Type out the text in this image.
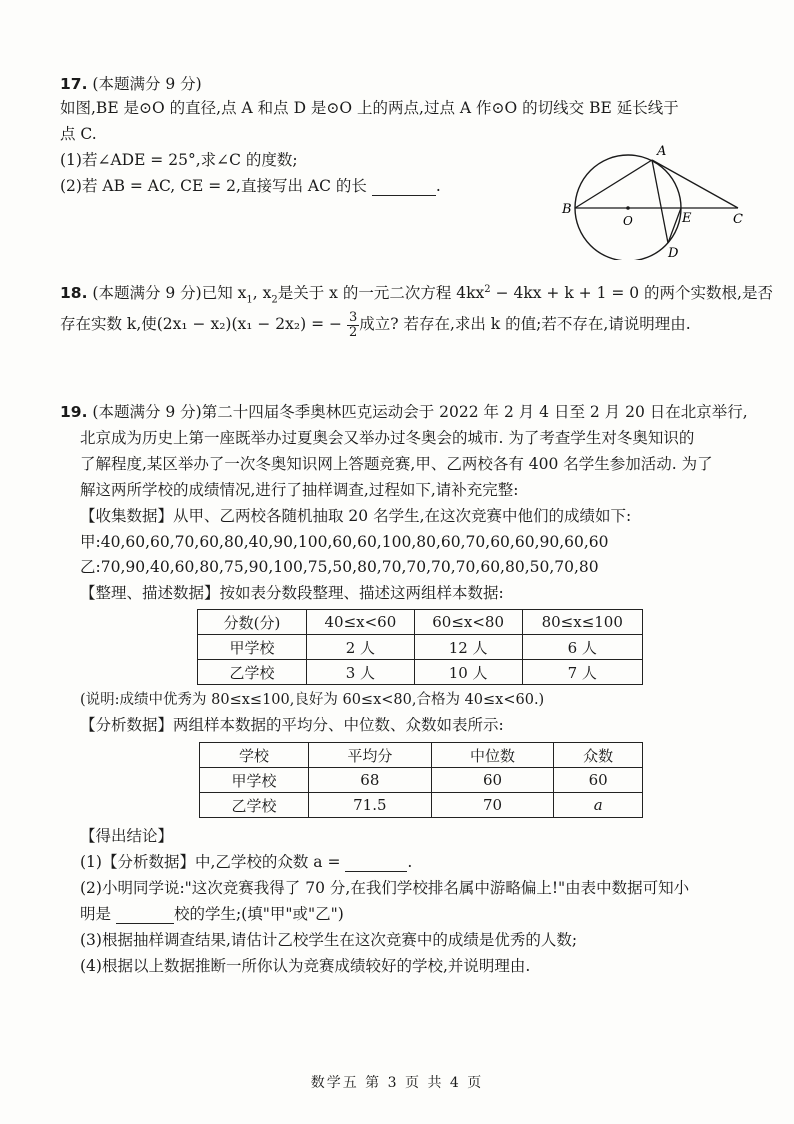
17. (本题满分 9 分)
如图,BE 是⊙O 的直径,点 A 和点 D 是⊙O 上的两点,过点 A 作⊙O 的切线交 BE 延长线于
点 C.
(1)若∠ADE = 25°,求∠C 的度数;
(2)若 AB = AC, CE = 2,直接写出 AC 的长	.
A
B
O	E	C
D
18. (本题满分 9 分)已知 $x_1$, $x_2$是关于 x 的一元二次方程 $4kx^2 - 4kx + k + 1 = 0$ 的两个实数根,是否
存在实数 k,使(2x₁ − x₂)(x₁ − 2x₂) = − $\frac{3}{2}$ 成立? 若存在,求出 k 的值;若不存在,请说明理由.
19. (本题满分 9 分)第二十四届冬季奥林匹克运动会于 2022 年 2 月 4 日至 2 月 20 日在北京举行,
北京成为历史上第一座既举办过夏奥会又举办过冬奥会的城市. 为了考查学生对冬奥知识的
了解程度,某区举办了一次冬奥知识网上答题竞赛,甲、乙两校各有 400 名学生参加活动. 为了
解这两所学校的成绩情况,进行了抽样调查,过程如下,请补充完整:
【收集数据】从甲、乙两校各随机抽取 20 名学生,在这次竞赛中他们的成绩如下:
甲:40,60,60,70,60,80,40,90,100,60,60,100,80,60,70,60,60,90,60,60
乙:70,90,40,60,80,75,90,100,75,50,80,70,70,70,70,60,80,50,70,80
【整理、描述数据】按如表分数段整理、描述这两组样本数据:
分数(分)	40≤x<60	60≤x<80	80≤x≤100
甲学校	2 人	12 人	6 人
乙学校	3 人	10 人	7 人
(说明:成绩中优秀为 80≤x≤100,良好为 60≤x<80,合格为 40≤x<60.)
【分析数据】两组样本数据的平均分、中位数、众数如表所示:
学校	平均分	中位数	众数
甲学校	68	60	60
乙学校	71.5	70	a
【得出结论】
(1)【分析数据】中,乙学校的众数 a =	.
(2)小明同学说:"这次竞赛我得了 70 分,在我们学校排名属中游略偏上!"由表中数据可知小
明是	校的学生;(填"甲"或"乙")
(3)根据抽样调查结果,请估计乙校学生在这次竞赛中的成绩是优秀的人数;
(4)根据以上数据推断一所你认为竞赛成绩较好的学校,并说明理由.
数学五 第 3 页 共 4 页
